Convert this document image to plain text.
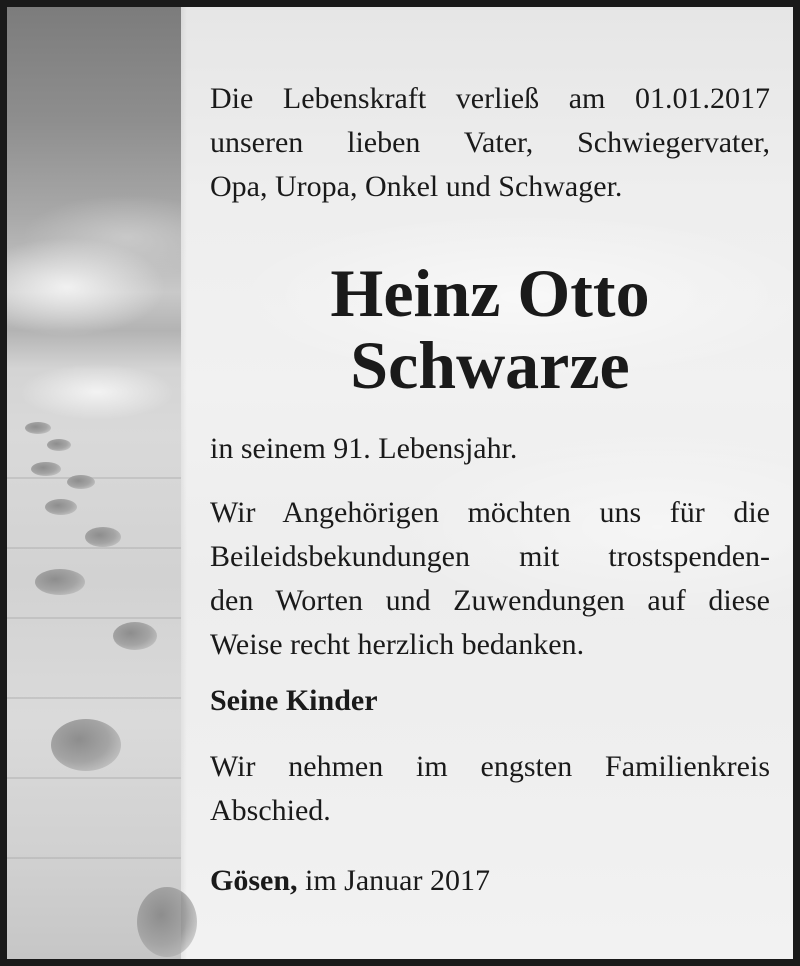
Die Lebenskraft verließ am 01.01.2017
unseren lieben Vater, Schwiegervater,
Opa, Uropa, Onkel und Schwager.

Heinz Otto

Schwarze

in seinem 91. Lebensjahr.

Wir Angehörigen möchten uns für die
Beileidsbekundungen mit trostspenden-
den Worten und Zuwendungen auf diese
Weise recht herzlich bedanken.

Seine Kinder

Wir nehmen im engsten Familienkreis
Abschied.

Gösen, im Januar 2017
